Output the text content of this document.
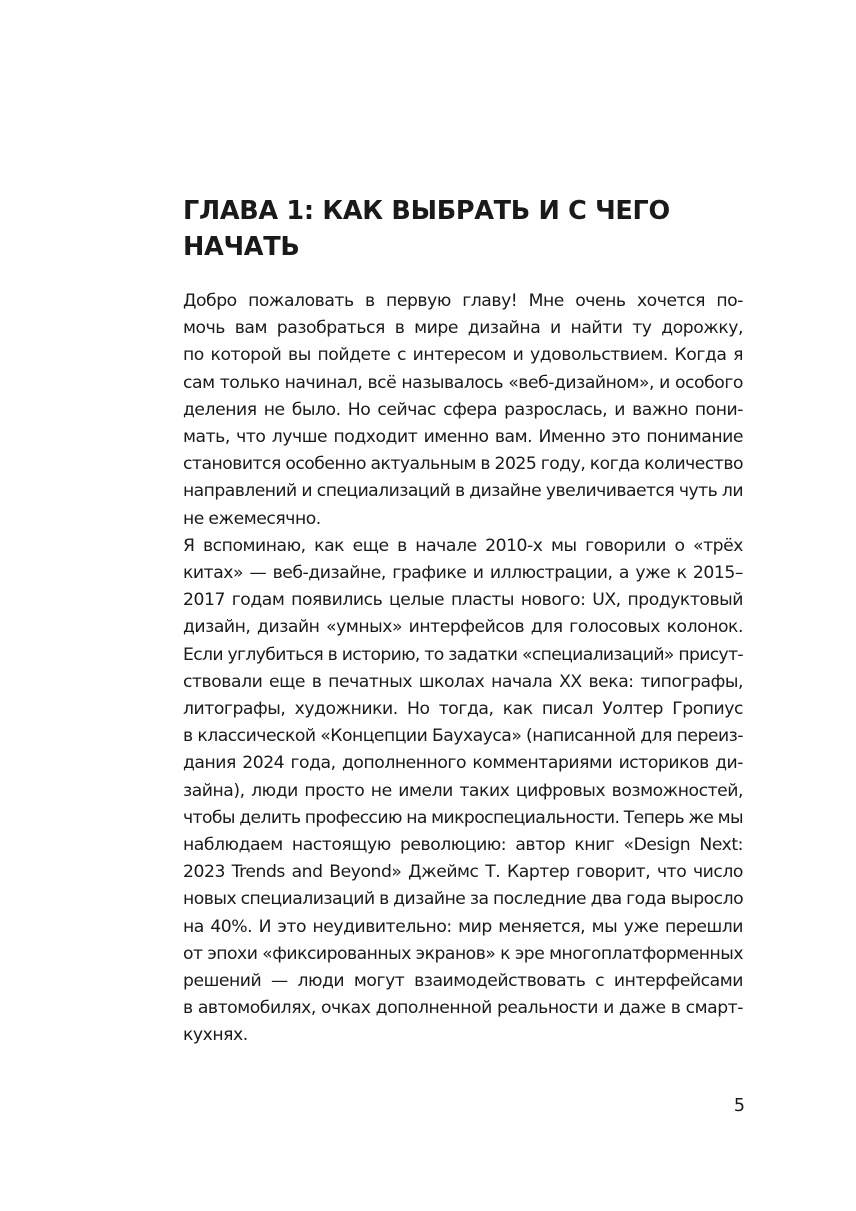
ГЛАВА 1: КАК ВЫБРАТЬ И С ЧЕГО
НАЧАТЬ

Добро пожаловать в первую главу! Мне очень хочется по-
мочь вам разобраться в мире дизайна и найти ту дорожку,
по которой вы пойдете с интересом и удовольствием. Когда я
сам только начинал, всё называлось «веб-дизайном», и особого
деления не было. Но сейчас сфера разрослась, и важно пони-
мать, что лучше подходит именно вам. Именно это понимание
становится особенно актуальным в 2025 году, когда количество
направлений и специализаций в дизайне увеличивается чуть ли
не ежемесячно.

Я вспоминаю, как еще в начале 2010-х мы говорили о «трёх
китах» — веб-дизайне, графике и иллюстрации, а уже к 2015–
2017 годам появились целые пласты нового: UX, продуктовый
дизайн, дизайн «умных» интерфейсов для голосовых колонок.
Если углубиться в историю, то задатки «специализаций» присут-
ствовали еще в печатных школах начала XX века: типографы,
литографы, художники. Но тогда, как писал Уолтер Гропиус
в классической «Концепции Баухауса» (написанной для переиз-
дания 2024 года, дополненного комментариями историков ди-
зайна), люди просто не имели таких цифровых возможностей,
чтобы делить профессию на микроспециальности. Теперь же мы
наблюдаем настоящую революцию: автор книг «Design Next:
2023 Trends and Beyond» Джеймс Т. Картер говорит, что число
новых специализаций в дизайне за последние два года выросло
на 40%. И это неудивительно: мир меняется, мы уже перешли
от эпохи «фиксированных экранов» к эре многоплатформенных
решений — люди могут взаимодействовать с интерфейсами
в автомобилях, очках дополненной реальности и даже в смарт-
кухнях.

5
